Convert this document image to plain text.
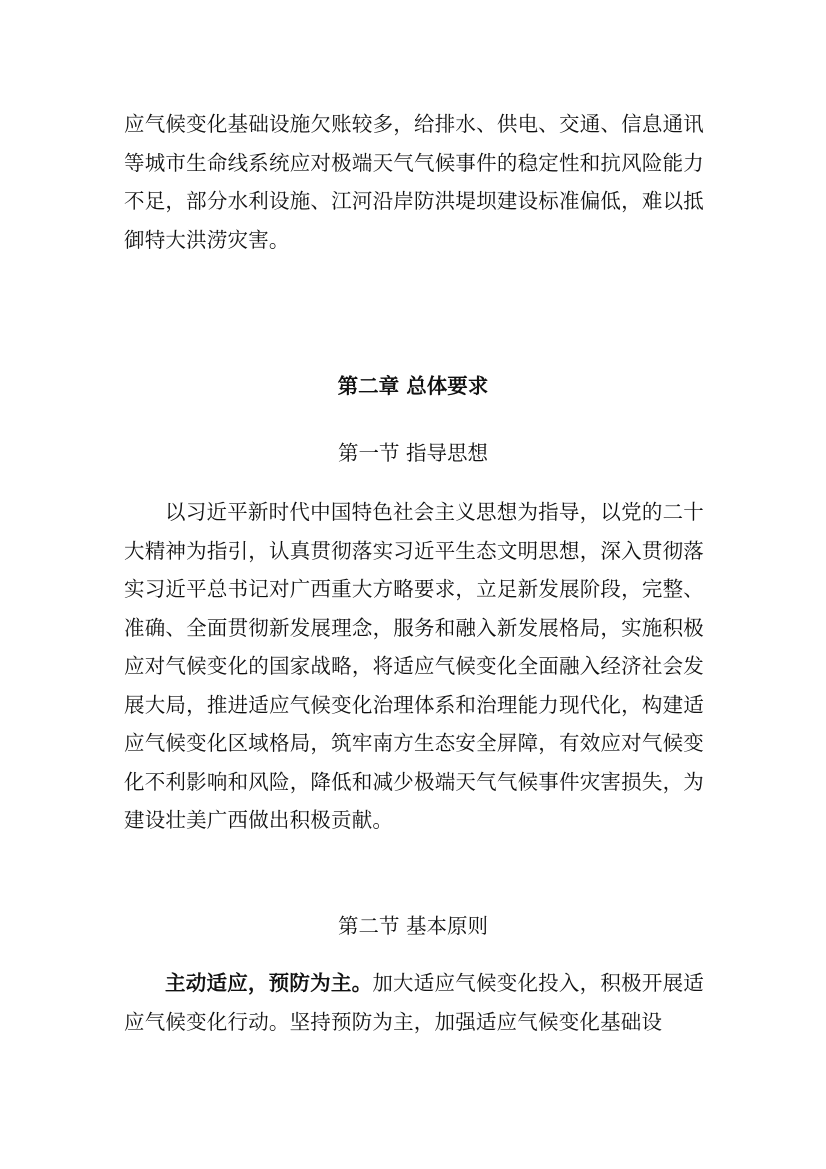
应气候变化基础设施欠账较多，给排水、供电、交通、信息通讯等城市生命线系统应对极端天气气候事件的稳定性和抗风险能力不足，部分水利设施、江河沿岸防洪堤坝建设标准偏低，难以抵御特大洪涝灾害。

第二章 总体要求
第一节 指导思想

以习近平新时代中国特色社会主义思想为指导，以党的二十大精神为指引，认真贯彻落实习近平生态文明思想，深入贯彻落实习近平总书记对广西重大方略要求，立足新发展阶段，完整、准确、全面贯彻新发展理念，服务和融入新发展格局，实施积极应对气候变化的国家战略，将适应气候变化全面融入经济社会发展大局，推进适应气候变化治理体系和治理能力现代化，构建适应气候变化区域格局，筑牢南方生态安全屏障，有效应对气候变化不利影响和风险，降低和减少极端天气气候事件灾害损失，为建设壮美广西做出积极贡献。

第二节 基本原则

主动适应，预防为主。加大适应气候变化投入，积极开展适应气候变化行动。坚持预防为主，加强适应气候变化基础设
